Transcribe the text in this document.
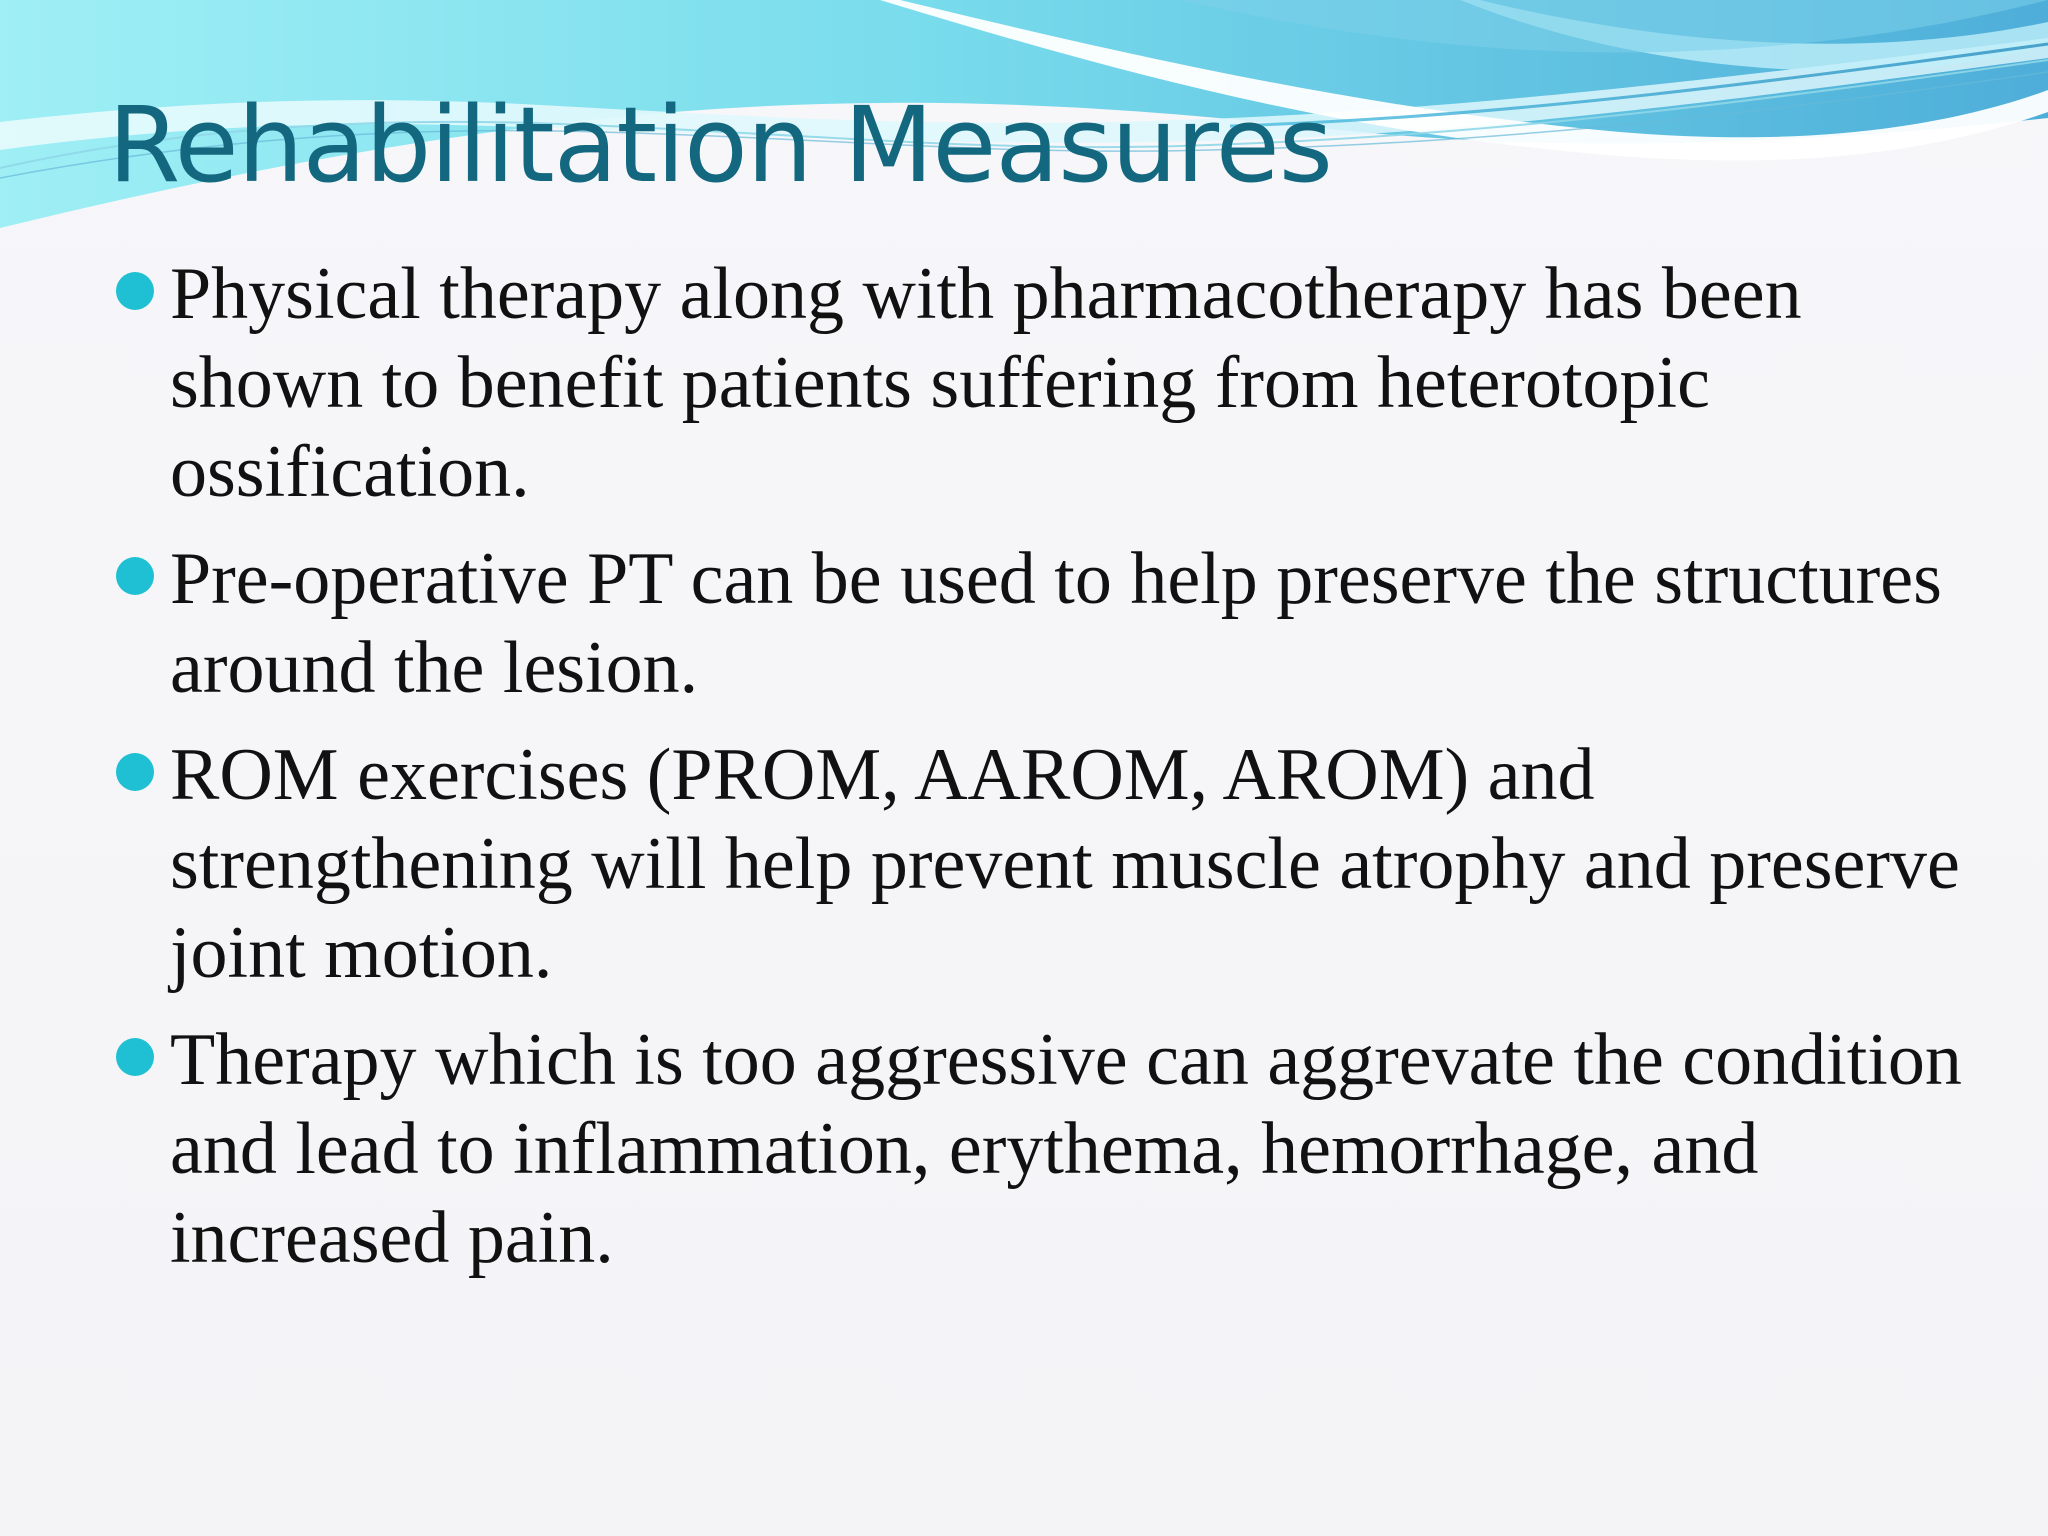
Rehabilitation Measures
Physical therapy along with pharmacotherapy has been shown to benefit patients suffering from heterotopic ossification.
Pre-operative PT can be used to help preserve the structures around the lesion.
ROM exercises (PROM, AAROM, AROM) and strengthening will help prevent muscle atrophy and preserve joint motion.
Therapy which is too aggressive can aggrevate the condition and lead to inflammation, erythema, hemorrhage, and increased pain.
